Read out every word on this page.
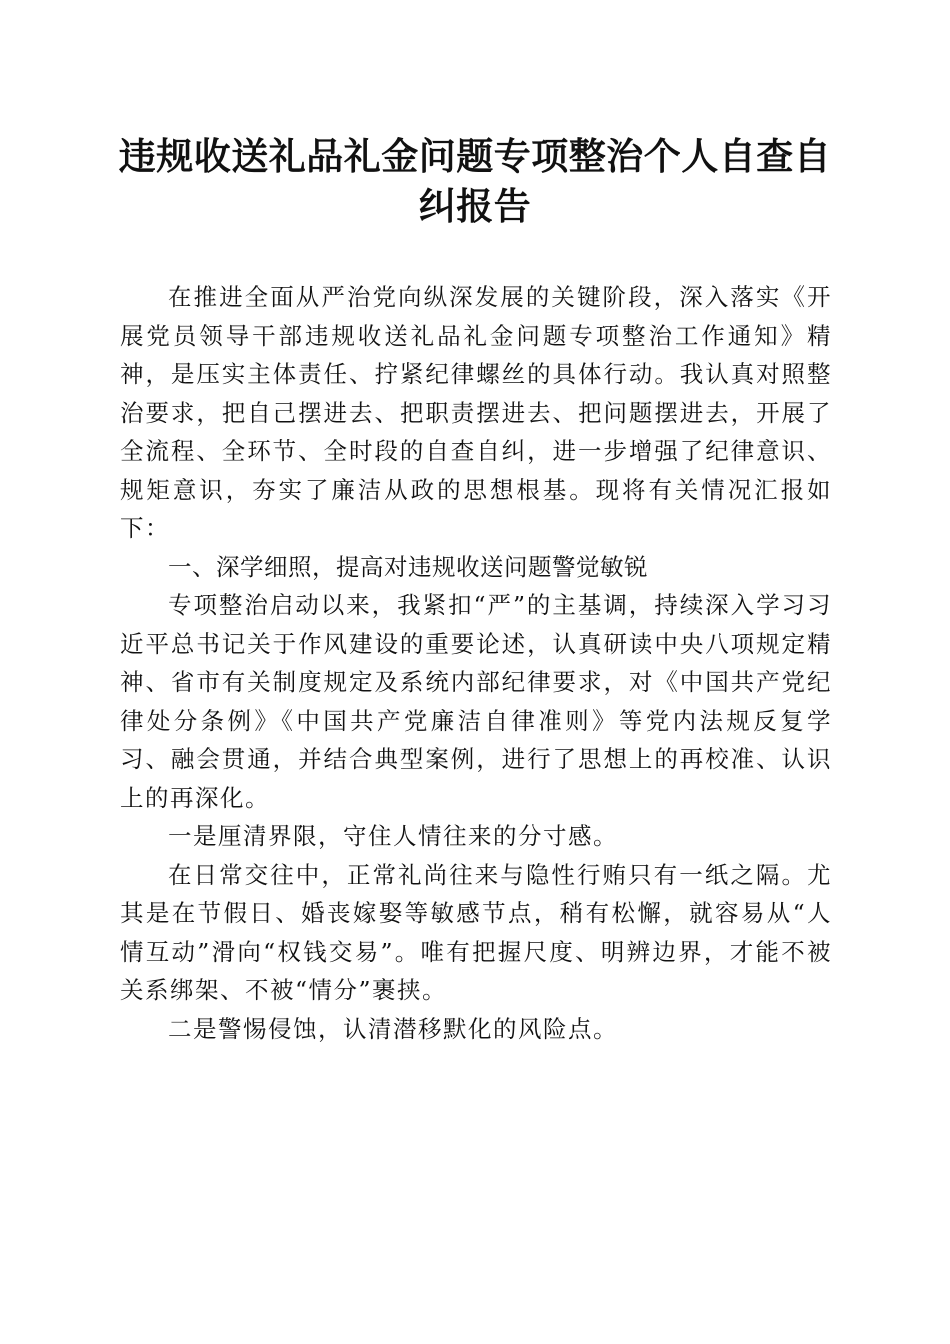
违规收送礼品礼金问题专项整治个人自查自纠报告

在推进全面从严治党向纵深发展的关键阶段，深入落实《开展党员领导干部违规收送礼品礼金问题专项整治工作通知》精神，是压实主体责任、拧紧纪律螺丝的具体行动。我认真对照整治要求，把自己摆进去、把职责摆进去、把问题摆进去，开展了全流程、全环节、全时段的自查自纠，进一步增强了纪律意识、规矩意识，夯实了廉洁从政的思想根基。现将有关情况汇报如下：

一、深学细照，提高对违规收送问题警觉敏锐

专项整治启动以来，我紧扣“严”的主基调，持续深入学习习近平总书记关于作风建设的重要论述，认真研读中央八项规定精神、省市有关制度规定及系统内部纪律要求，对《中国共产党纪律处分条例》《中国共产党廉洁自律准则》等党内法规反复学习、融会贯通，并结合典型案例，进行了思想上的再校准、认识上的再深化。

一是厘清界限，守住人情往来的分寸感。

在日常交往中，正常礼尚往来与隐性行贿只有一纸之隔。尤其是在节假日、婚丧嫁娶等敏感节点，稍有松懈，就容易从“人情互动”滑向“权钱交易”。唯有把握尺度、明辨边界，才能不被关系绑架、不被“情分”裹挟。

二是警惕侵蚀，认清潜移默化的风险点。
